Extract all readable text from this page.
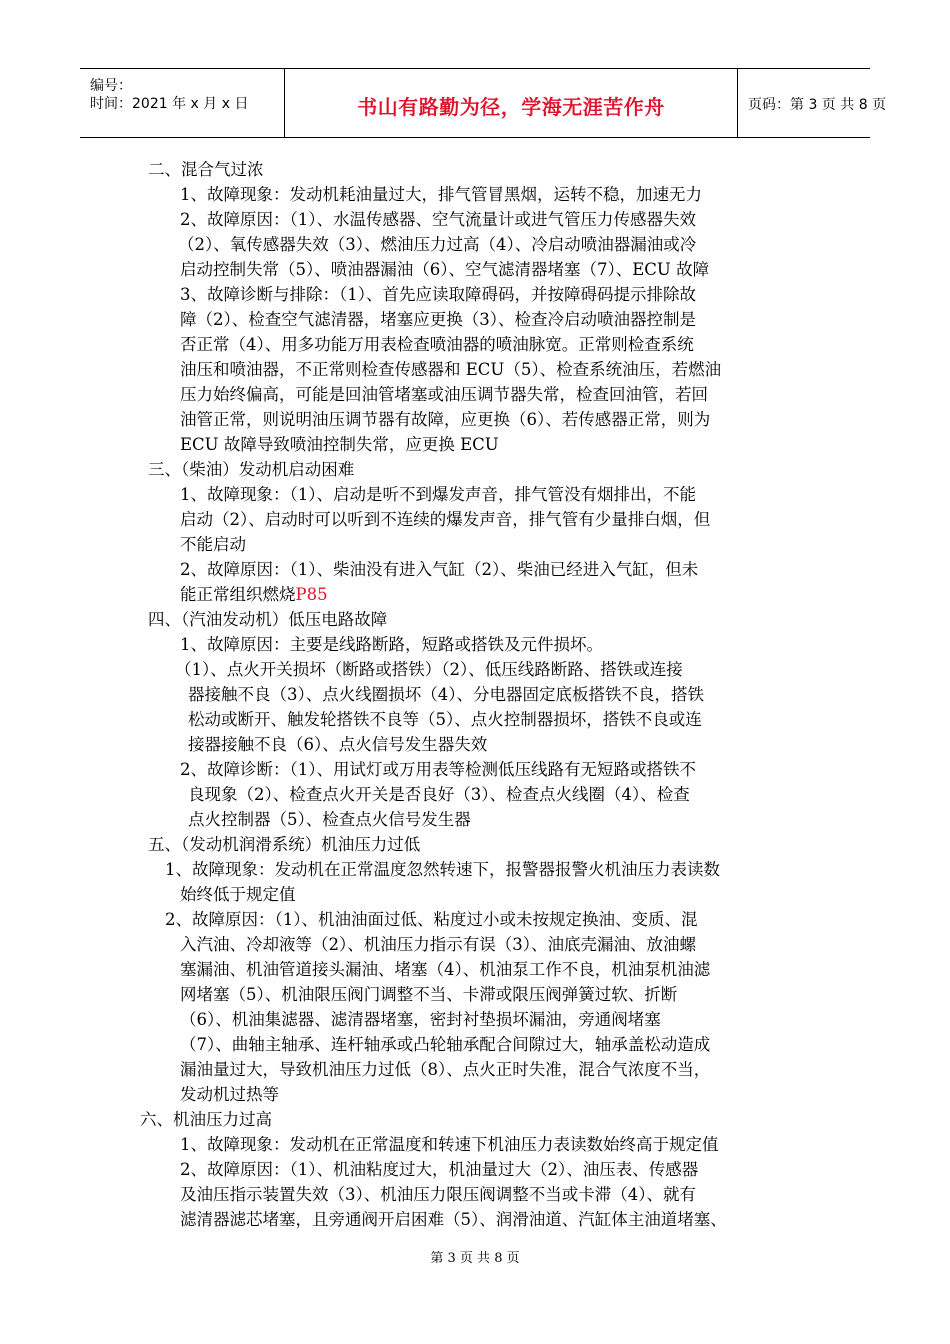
编号：
时间：2021 年 x 月 x 日	书山有路勤为径，学海无涯苦作舟	页码：第 3 页 共 8 页
二、混合气过浓
1、故障现象：发动机耗油量过大，排气管冒黑烟，运转不稳，加速无力
2、故障原因：（1）、水温传感器、空气流量计或进气管压力传感器失效
（2）、氧传感器失效（3）、燃油压力过高（4）、冷启动喷油器漏油或冷
启动控制失常（5）、喷油器漏油（6）、空气滤清器堵塞（7）、ECU 故障
3、故障诊断与排除：（1）、首先应读取障碍码，并按障碍码提示排除故
障（2）、检查空气滤清器，堵塞应更换（3）、检查冷启动喷油器控制是
否正常（4）、用多功能万用表检查喷油器的喷油脉宽。正常则检查系统
油压和喷油器，不正常则检查传感器和 ECU（5）、检查系统油压，若燃油
压力始终偏高，可能是回油管堵塞或油压调节器失常，检查回油管，若回
油管正常，则说明油压调节器有故障，应更换（6）、若传感器正常，则为
ECU 故障导致喷油控制失常，应更换 ECU
三、（柴油）发动机启动困难
1、故障现象：（1）、启动是听不到爆发声音，排气管没有烟排出，不能
启动（2）、启动时可以听到不连续的爆发声音，排气管有少量排白烟，但
不能启动
2、故障原因：（1）、柴油没有进入气缸（2）、柴油已经进入气缸，但未
能正常组织燃烧P85
四、（汽油发动机）低压电路故障
1、故障原因：主要是线路断路，短路或搭铁及元件损坏。
（1）、点火开关损坏（断路或搭铁）（2）、低压线路断路、搭铁或连接
器接触不良（3）、点火线圈损坏（4）、分电器固定底板搭铁不良，搭铁
松动或断开、触发轮搭铁不良等（5）、点火控制器损坏，搭铁不良或连
接器接触不良（6）、点火信号发生器失效
2、故障诊断：（1）、用试灯或万用表等检测低压线路有无短路或搭铁不
良现象（2）、检查点火开关是否良好（3）、检查点火线圈（4）、检查
点火控制器（5）、检查点火信号发生器
五、（发动机润滑系统）机油压力过低
1、故障现象：发动机在正常温度忽然转速下，报警器报警火机油压力表读数
始终低于规定值
2、故障原因：（1）、机油油面过低、粘度过小或未按规定换油、变质、混
入汽油、冷却液等（2）、机油压力指示有误（3）、油底壳漏油、放油螺
塞漏油、机油管道接头漏油、堵塞（4）、机油泵工作不良，机油泵机油滤
网堵塞（5）、机油限压阀门调整不当、卡滞或限压阀弹簧过软、折断
（6）、机油集滤器、滤清器堵塞，密封衬垫损坏漏油，旁通阀堵塞
（7）、曲轴主轴承、连杆轴承或凸轮轴承配合间隙过大，轴承盖松动造成
漏油量过大，导致机油压力过低（8）、点火正时失准，混合气浓度不当，
发动机过热等
六、机油压力过高
1、故障现象：发动机在正常温度和转速下机油压力表读数始终高于规定值
2、故障原因：（1）、机油粘度过大，机油量过大（2）、油压表、传感器
及油压指示装置失效（3）、机油压力限压阀调整不当或卡滞（4）、就有
滤清器滤芯堵塞，且旁通阀开启困难（5）、润滑油道、汽缸体主油道堵塞、
第 3 页 共 8 页
